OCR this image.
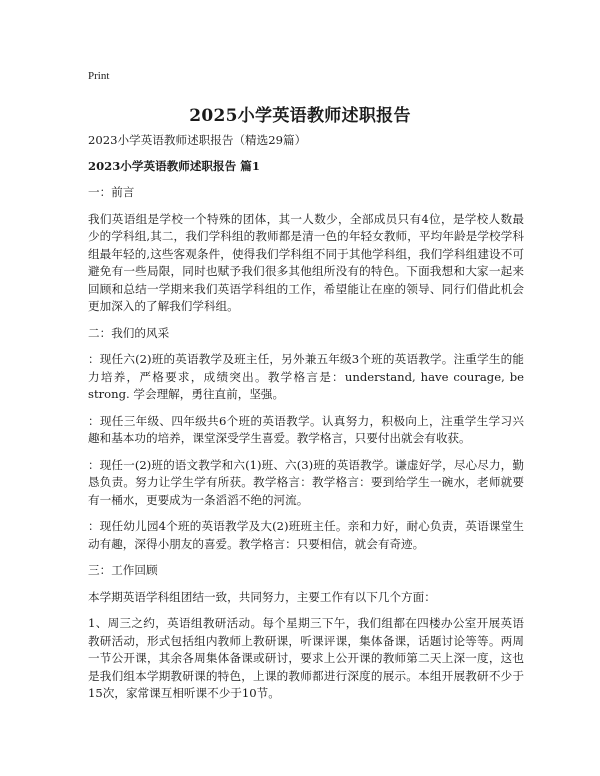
Print
2025小学英语教师述职报告

2023小学英语教师述职报告（精选29篇）

2023小学英语教师述职报告 篇1

一：前言

我们英语组是学校一个特殊的团体，其一人数少，全部成员只有4位，是学校人数最少的学科组,其二，我们学科组的教师都是清一色的年轻女教师，平均年龄是学校学科组最年轻的,这些客观条件，使得我们学科组不同于其他学科组，我们学科组建设不可避免有一些局限，同时也赋予我们很多其他组所没有的特色。下面我想和大家一起来回顾和总结一学期来我们英语学科组的工作，希望能让在座的领导、同行们借此机会更加深入的了解我们学科组。

二：我们的风采

：现任六(2)班的英语教学及班主任，另外兼五年级3个班的英语教学。注重学生的能力培养，严格要求，成绩突出。教学格言是：understand, have courage, be strong. 学会理解，勇往直前，坚强。

：现任三年级、四年级共6个班的英语教学。认真努力，积极向上，注重学生学习兴趣和基本功的培养，课堂深受学生喜爱。教学格言，只要付出就会有收获。

：现任一(2)班的语文教学和六(1)班、六(3)班的英语教学。谦虚好学，尽心尽力，勤恳负责。努力让学生学有所获。教学格言：教学格言：要到给学生一碗水，老师就要有一桶水，更要成为一条滔滔不绝的河流。

：现任幼儿园4个班的英语教学及大(2)班班主任。亲和力好，耐心负责，英语课堂生动有趣，深得小朋友的喜爱。教学格言：只要相信，就会有奇迹。

三：工作回顾

本学期英语学科组团结一致，共同努力，主要工作有以下几个方面：

1、周三之约，英语组教研活动。每个星期三下午，我们组都在四楼办公室开展英语教研活动，形式包括组内教师上教研课，听课评课，集体备课，话题讨论等等。两周一节公开课，其余各周集体备课或研讨，要求上公开课的教师第二天上深一度，这也是我们组本学期教研课的特色，上课的教师都进行深度的展示。本组开展教研不少于15次，家常课互相听课不少于10节。
